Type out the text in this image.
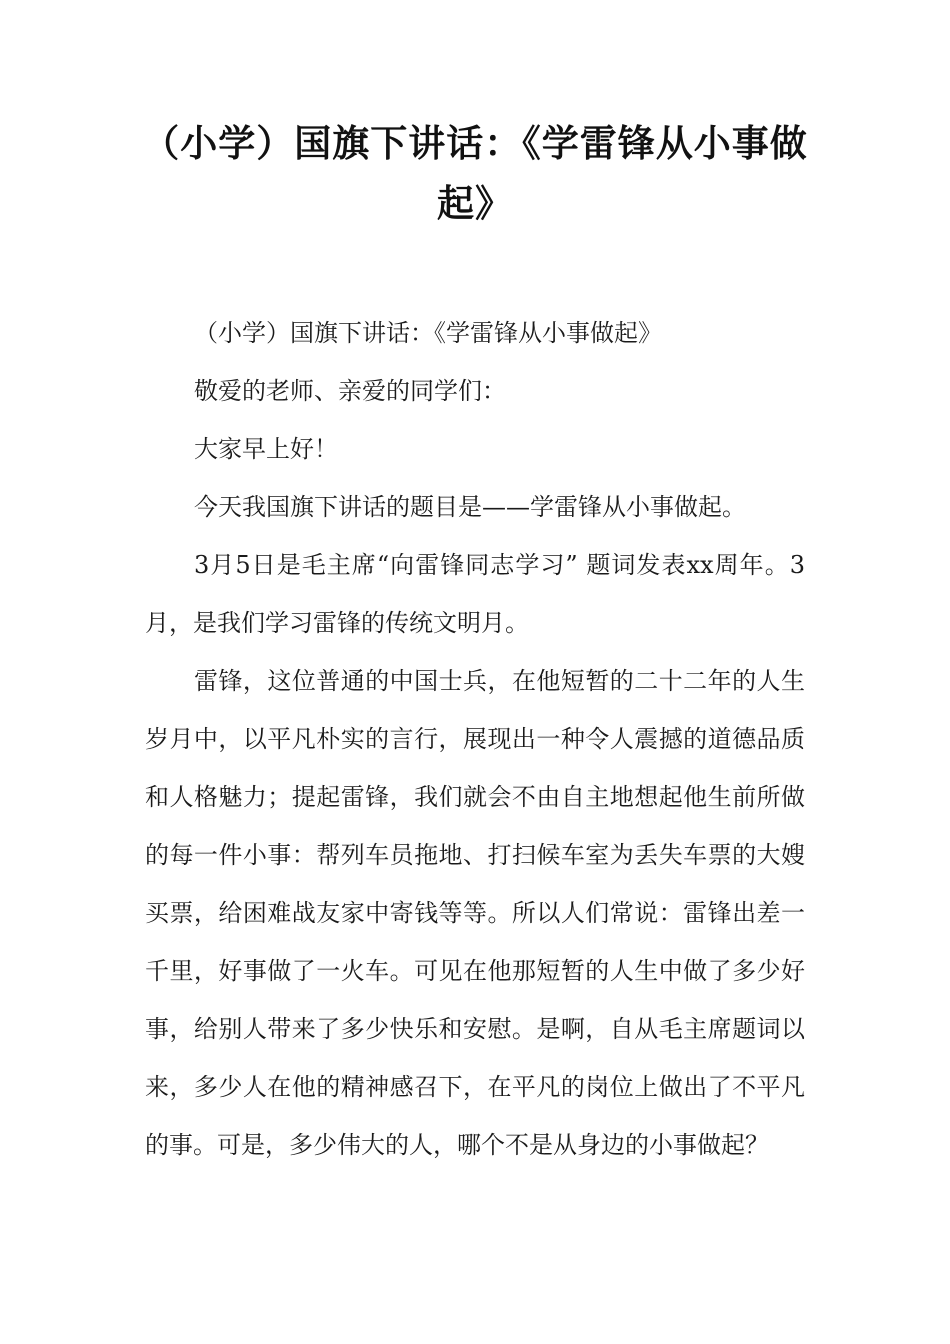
（小学）国旗下讲话：《学雷锋从小事做
起》

（小学）国旗下讲话：《学雷锋从小事做起》

敬爱的老师、亲爱的同学们：

大家早上好！

今天我国旗下讲话的题目是——学雷锋从小事做起。

3月5日是毛主席“向雷锋同志学习” 题词发表xx周年。3月，是我们学习雷锋的传统文明月。

雷锋，这位普通的中国士兵，在他短暂的二十二年的人生岁月中，以平凡朴实的言行，展现出一种令人震撼的道德品质和人格魅力；提起雷锋，我们就会不由自主地想起他生前所做的每一件小事：帮列车员拖地、打扫候车室为丢失车票的大嫂买票，给困难战友家中寄钱等等。所以人们常说：雷锋出差一千里，好事做了一火车。可见在他那短暂的人生中做了多少好事，给别人带来了多少快乐和安慰。是啊，自从毛主席题词以来，多少人在他的精神感召下，在平凡的岗位上做出了不平凡的事。可是，多少伟大的人，哪个不是从身边的小事做起？
